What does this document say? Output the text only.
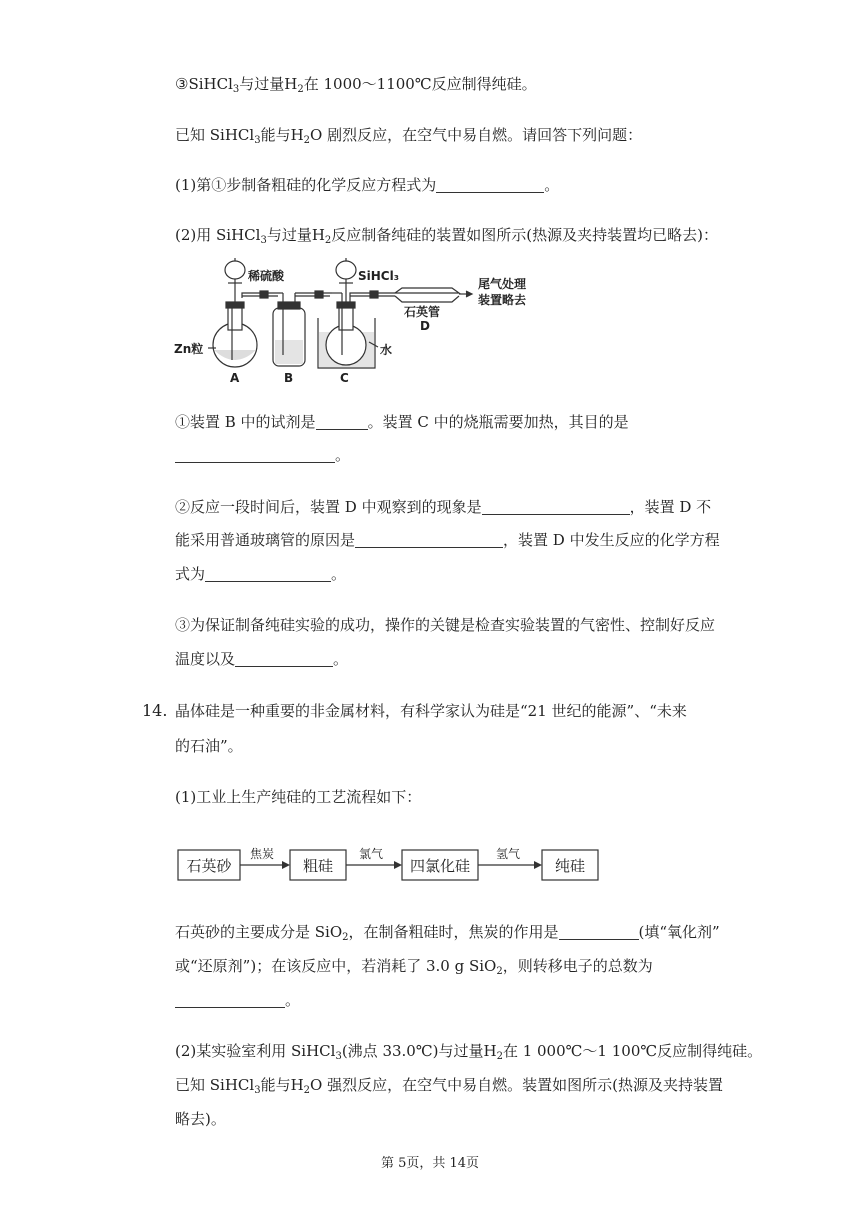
③SiHCl$_3$与过量$H_2$在 1000～1100℃反应制得纯硅。
已知 SiHCl$_3$能与$H_2O$ 剧烈反应，在空气中易自燃。请回答下列问题：
(1)第①步制备粗硅的化学反应方程式为	。
(2)用 SiHCl$_3$与过量$H_2$反应制备纯硅的装置如图所示(热源及夹持装置均已略去)：
稀硫酸	SiHCl₃
尾气处理
装置略去
石英管
D
Zn粒	水
A	B	C
①装置 B 中的试剂是	。装置 C 中的烧瓶需要加热，其目的是
。
②反应一段时间后，装置 D 中观察到的现象是	，装置 D 不
能采用普通玻璃管的原因是	，装置 D 中发生反应的化学方程
式为	。
③为保证制备纯硅实验的成功，操作的关键是检查实验装置的气密性、控制好反应
温度以及	。
14. 晶体硅是一种重要的非金属材料，有科学家认为硅是“21 世纪的能源”、“未来
的石油”。
(1)工业上生产纯硅的工艺流程如下：
石英砂	粗硅	四氯化硅	纯硅
焦炭	氯气	氢气
石英砂的主要成分是 SiO$_2$，在制备粗硅时，焦炭的作用是	(填“氧化剂”
或“还原剂”)；在该反应中，若消耗了 3.0 g SiO$_2$，则转移电子的总数为
。
(2)某实验室利用 SiHCl$_3$(沸点 33.0℃)与过量$H_2$在 1 000℃～1 100℃反应制得纯硅。
已知 SiHCl$_3$能与$H_2O$ 强烈反应，在空气中易自燃。装置如图所示(热源及夹持装置
略去)。
第 5页，共 14页
